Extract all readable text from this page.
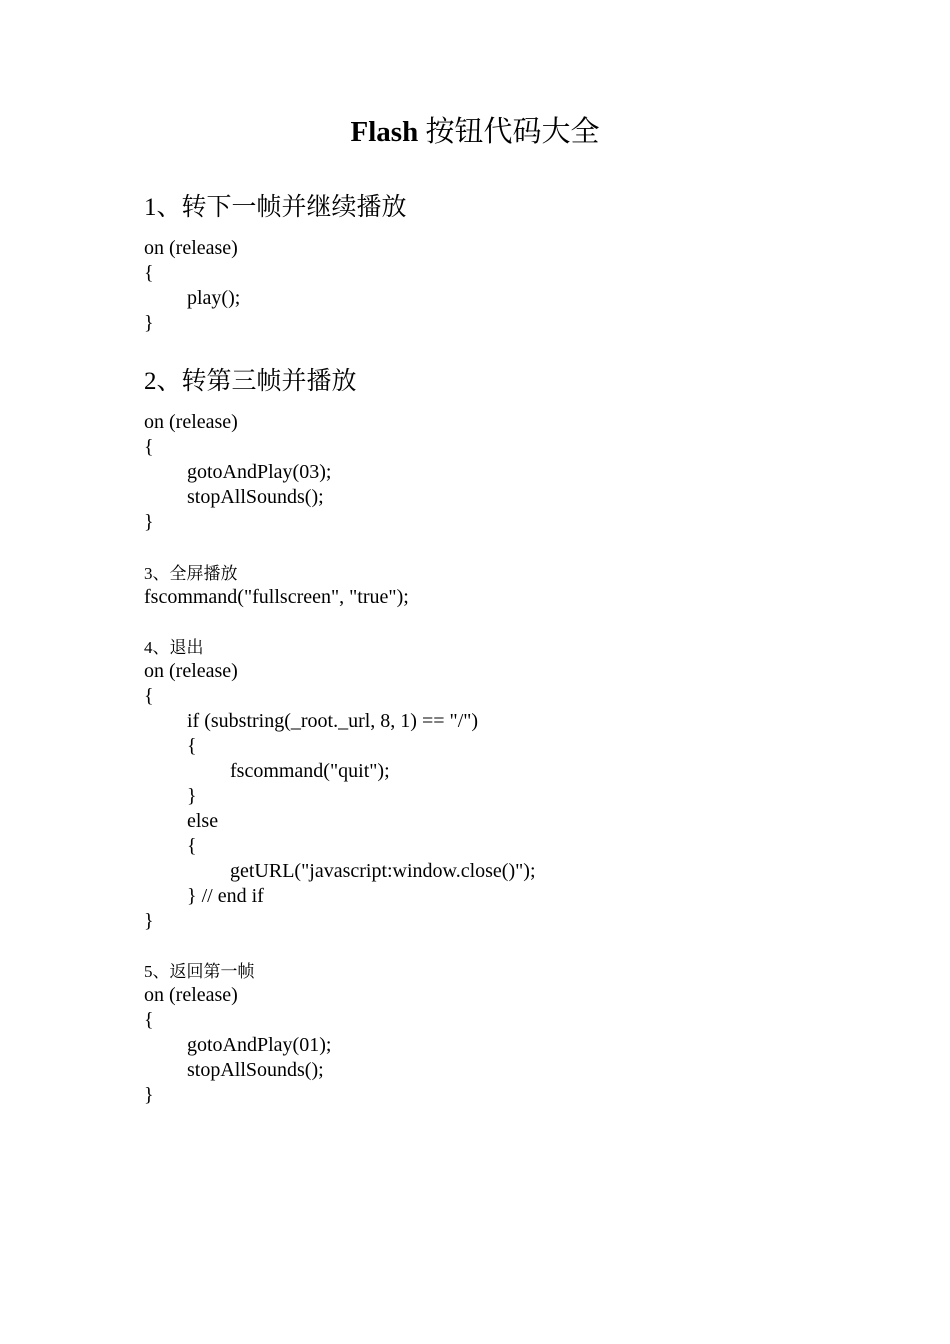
Flash 按钮代码大全
1、转下一帧并继续播放
on (release)
{
play();
}
2、转第三帧并播放
on (release)
{
gotoAndPlay(03);
stopAllSounds();
}
3、全屏播放
fscommand("fullscreen", "true");
4、退出
on (release)
{
if (substring(_root._url, 8, 1) == "/")
{
fscommand("quit");
}
else
{
getURL("javascript:window.close()");
} // end if
}
5、返回第一帧
on (release)
{
gotoAndPlay(01);
stopAllSounds();
}
